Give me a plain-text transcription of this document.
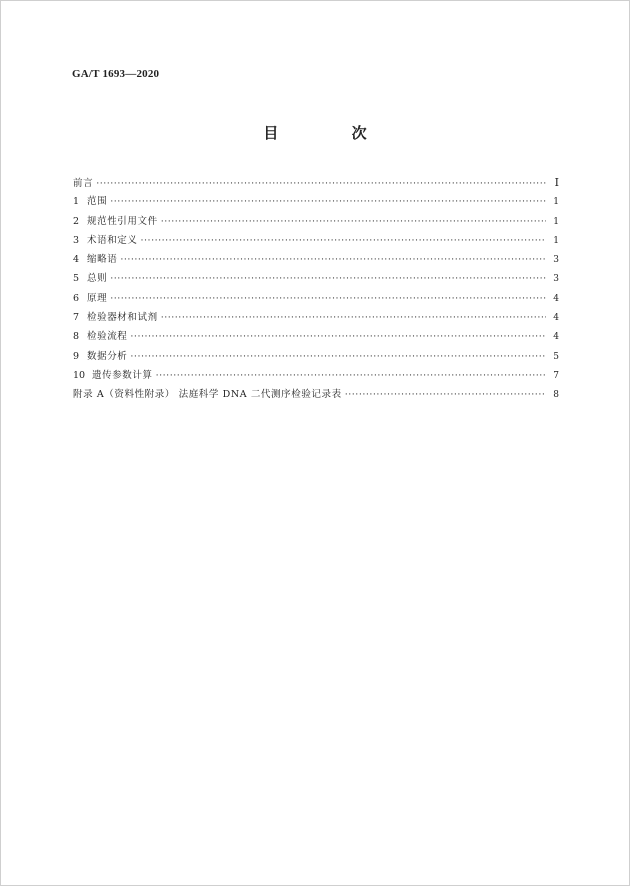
GA/T 1693—2020
目 次
前言 ·····	Ⅰ
1 范围 ·····	1
2 规范性引用文件 ·····	1
3 术语和定义 ·····	1
4 缩略语 ·····	3
5 总则 ·····	3
6 原理 ·····	4
7 检验器材和试剂 ·····	4
8 检验流程 ·····	4
9 数据分析 ·····	5
10 遗传参数计算 ·····	7
附录 A（资料性附录） 法庭科学 DNA 二代测序检验记录表 ·····	8
